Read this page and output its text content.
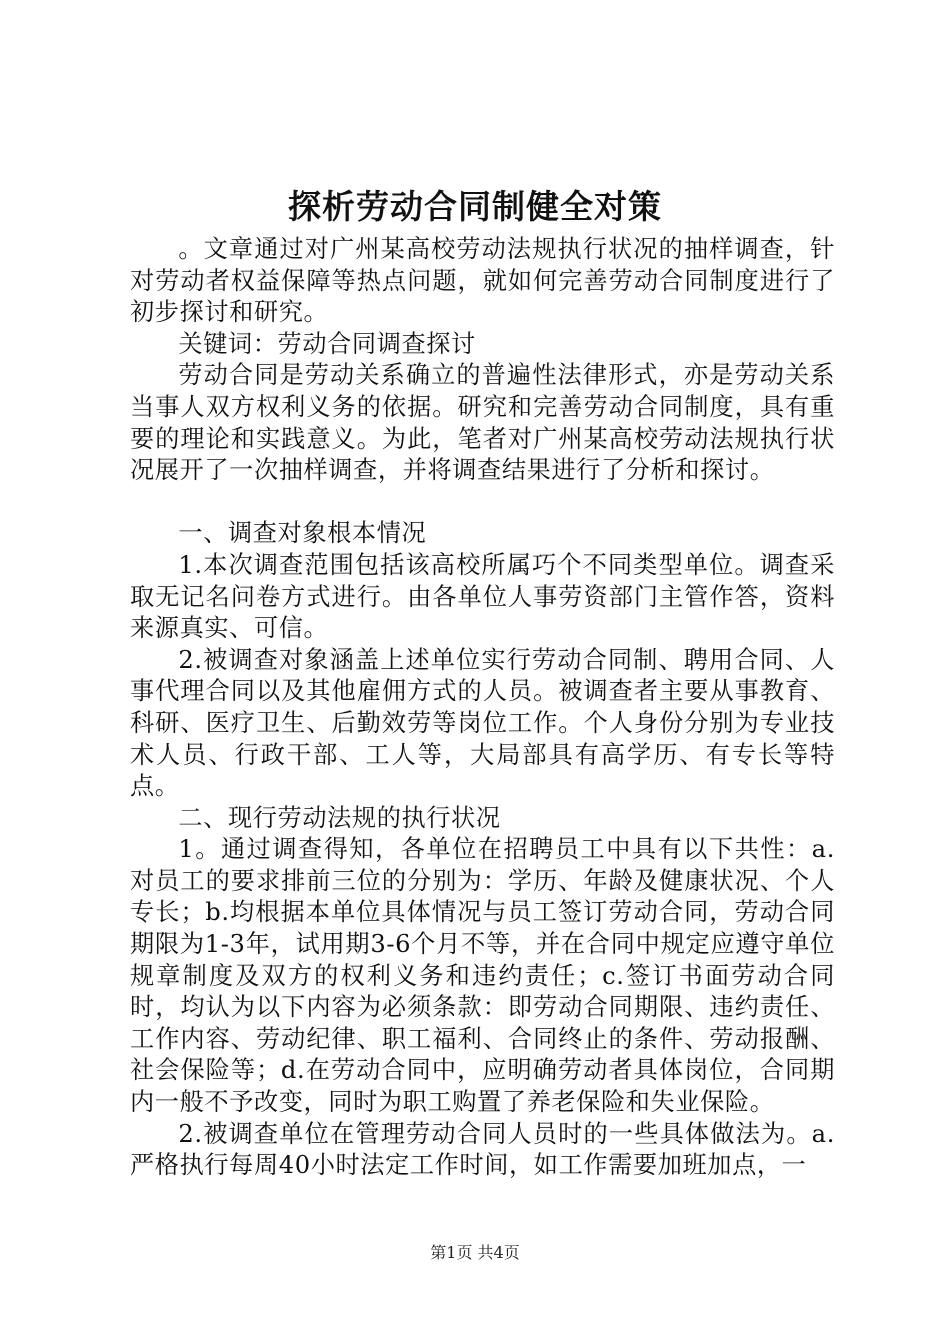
探析劳动合同制健全对策

。文章通过对广州某高校劳动法规执行状况的抽样调查，针对劳动者权益保障等热点问题，就如何完善劳动合同制度进行了初步探讨和研究。

关键词：劳动合同调查探讨

劳动合同是劳动关系确立的普遍性法律形式，亦是劳动关系当事人双方权利义务的依据。研究和完善劳动合同制度，具有重要的理论和实践意义。为此，笔者对广州某高校劳动法规执行状况展开了一次抽样调查，并将调查结果进行了分析和探讨。

一、调查对象根本情况

1.本次调查范围包括该高校所属巧个不同类型单位。调查采取无记名问卷方式进行。由各单位人事劳资部门主管作答，资料来源真实、可信。

2.被调查对象涵盖上述单位实行劳动合同制、聘用合同、人事代理合同以及其他雇佣方式的人员。被调查者主要从事教育、科研、医疗卫生、后勤效劳等岗位工作。个人身份分别为专业技术人员、行政干部、工人等，大局部具有高学历、有专长等特点。

二、现行劳动法规的执行状况

1。通过调查得知，各单位在招聘员工中具有以下共性：a.对员工的要求排前三位的分别为：学历、年龄及健康状况、个人专长；b.均根据本单位具体情况与员工签订劳动合同，劳动合同期限为1-3年，试用期3-6个月不等，并在合同中规定应遵守单位规章制度及双方的权利义务和违约责任；c.签订书面劳动合同时，均认为以下内容为必须条款：即劳动合同期限、违约责任、工作内容、劳动纪律、职工福利、合同终止的条件、劳动报酬、社会保险等；d.在劳动合同中，应明确劳动者具体岗位，合同期内一般不予改变，同时为职工购置了养老保险和失业保险。

2.被调查单位在管理劳动合同人员时的一些具体做法为。a.严格执行每周40小时法定工作时间，如工作需要加班加点，一

第1页 共4页
